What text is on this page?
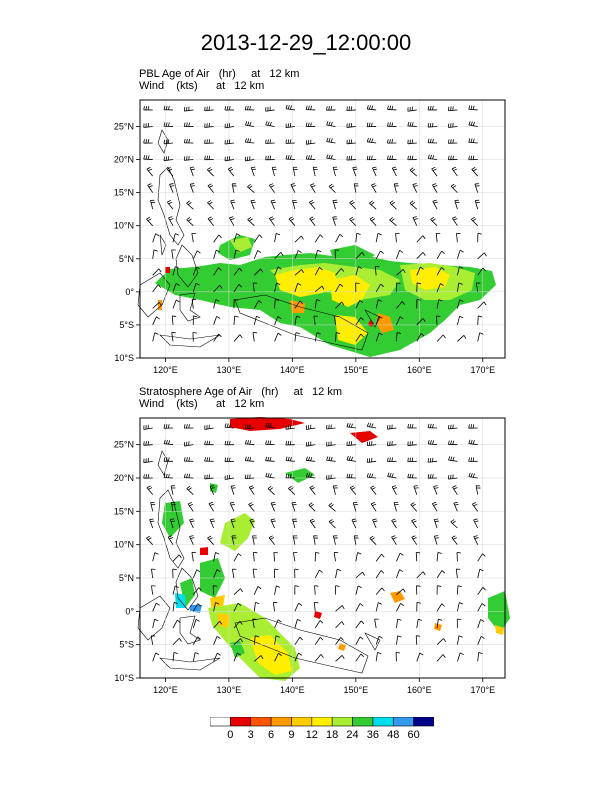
2013-12-29_12:00:00
PBL Age of Air   (hr)     at   12 km
Wind    (kts)      at   12 km
120°E	130°E	140°E	150°E	160°E	170°E
25°N
20°N
15°N
10°N
5°N
0°
5°S
10°S
Stratosphere Age of Air   (hr)     at   12 km
Wind    (kts)      at   12 km
120°E	130°E	140°E	150°E	160°E	170°E
25°N
20°N
15°N
10°N
5°N
0°
5°S
10°S
0	3	6	9	12 18 24 36 48 60
